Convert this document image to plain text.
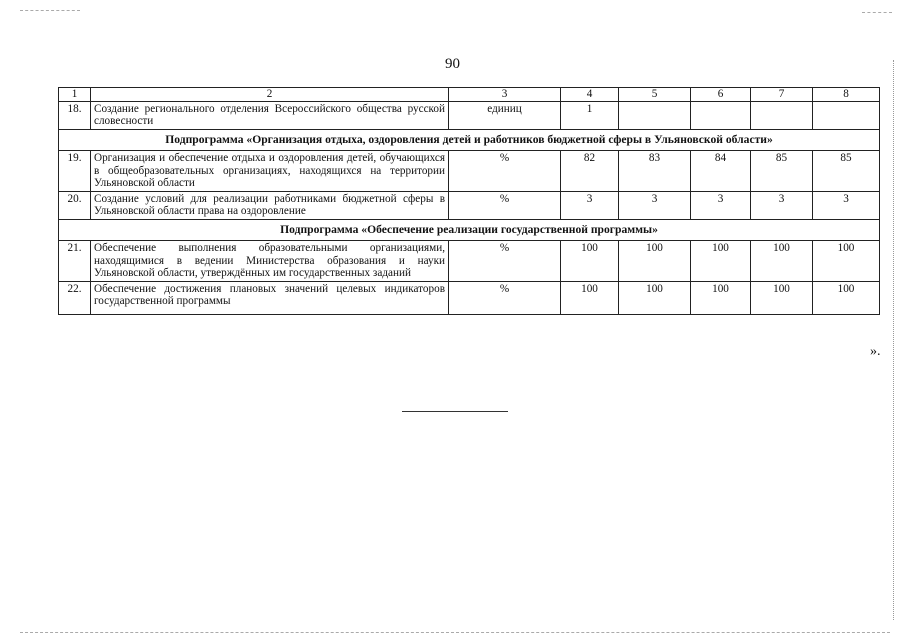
90
1	2	3	4	5	6	7	8
18.	Создание регионального отделения Всероссийского общества русской словесности	единиц	1				
Подпрограмма «Организация отдыха, оздоровления детей и работников бюджетной сферы в Ульяновской области»							
19.	Организация и обеспечение отдыха и оздоровления детей, обучающихся в общеобразовательных организациях, находящихся на территории Ульяновской области	%	82	83	84	85	85
20.	Создание условий для реализации работниками бюджетной сферы в Ульяновской области права на оздоровление	%	3	3	3	3	3
Подпрограмма «Обеспечение реализации государственной программы»							
21.	Обеспечение выполнения образовательными организациями, находящимися в ведении Министерства образования и науки Ульяновской области, утверждённых им государственных заданий	%	100	100	100	100	100
22.	Обеспечение достижения плановых значений целевых индикаторов государственной программы	%	100	100	100	100	100
».
